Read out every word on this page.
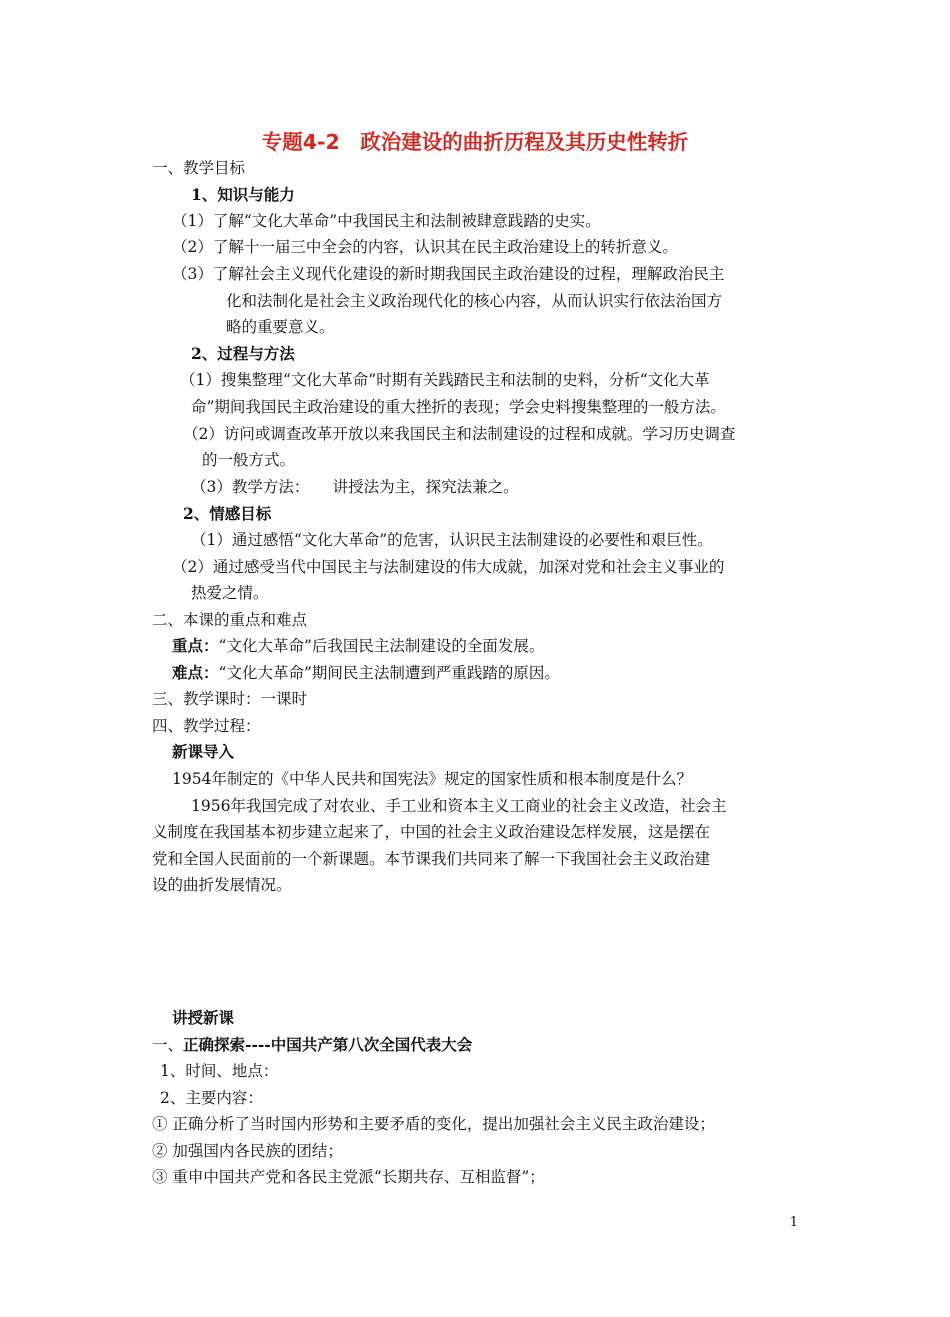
专题4-2　政治建设的曲折历程及其历史性转折
一、教学目标
1、知识与能力
（1）了解“文化大革命”中我国民主和法制被肆意践踏的史实。
（2）了解十一届三中全会的内容，认识其在民主政治建设上的转折意义。
（3）了解社会主义现代化建设的新时期我国民主政治建设的过程，理解政治民主
化和法制化是社会主义政治现代化的核心内容，从而认识实行依法治国方
略的重要意义。
2、过程与方法
（1）搜集整理“文化大革命”时期有关践踏民主和法制的史料，分析“文化大革
命”期间我国民主政治建设的重大挫折的表现；学会史料搜集整理的一般方法。
（2）访问或调查改革开放以来我国民主和法制建设的过程和成就。学习历史调查
的一般方式。
（3）教学方法：　　讲授法为主，探究法兼之。
2、情感目标
（1）通过感悟“文化大革命”的危害，认识民主法制建设的必要性和艰巨性。
（2）通过感受当代中国民主与法制建设的伟大成就，加深对党和社会主义事业的
热爱之情。
二、本课的重点和难点
重点：“文化大革命”后我国民主法制建设的全面发展。
难点：“文化大革命”期间民主法制遭到严重践踏的原因。
三、教学课时：一课时
四、教学过程：
新课导入
1954年制定的《中华人民共和国宪法》规定的国家性质和根本制度是什么？
1956年我国完成了对农业、手工业和资本主义工商业的社会主义改造，社会主
义制度在我国基本初步建立起来了，中国的社会主义政治建设怎样发展，这是摆在
党和全国人民面前的一个新课题。本节课我们共同来了解一下我国社会主义政治建
设的曲折发展情况。
讲授新课
一、正确探索----中国共产第八次全国代表大会
1、时间、地点：
2、主要内容：
① 正确分析了当时国内形势和主要矛盾的变化，提出加强社会主义民主政治建设；
② 加强国内各民族的团结；
③ 重申中国共产党和各民主党派“长期共存、互相监督”；
1
